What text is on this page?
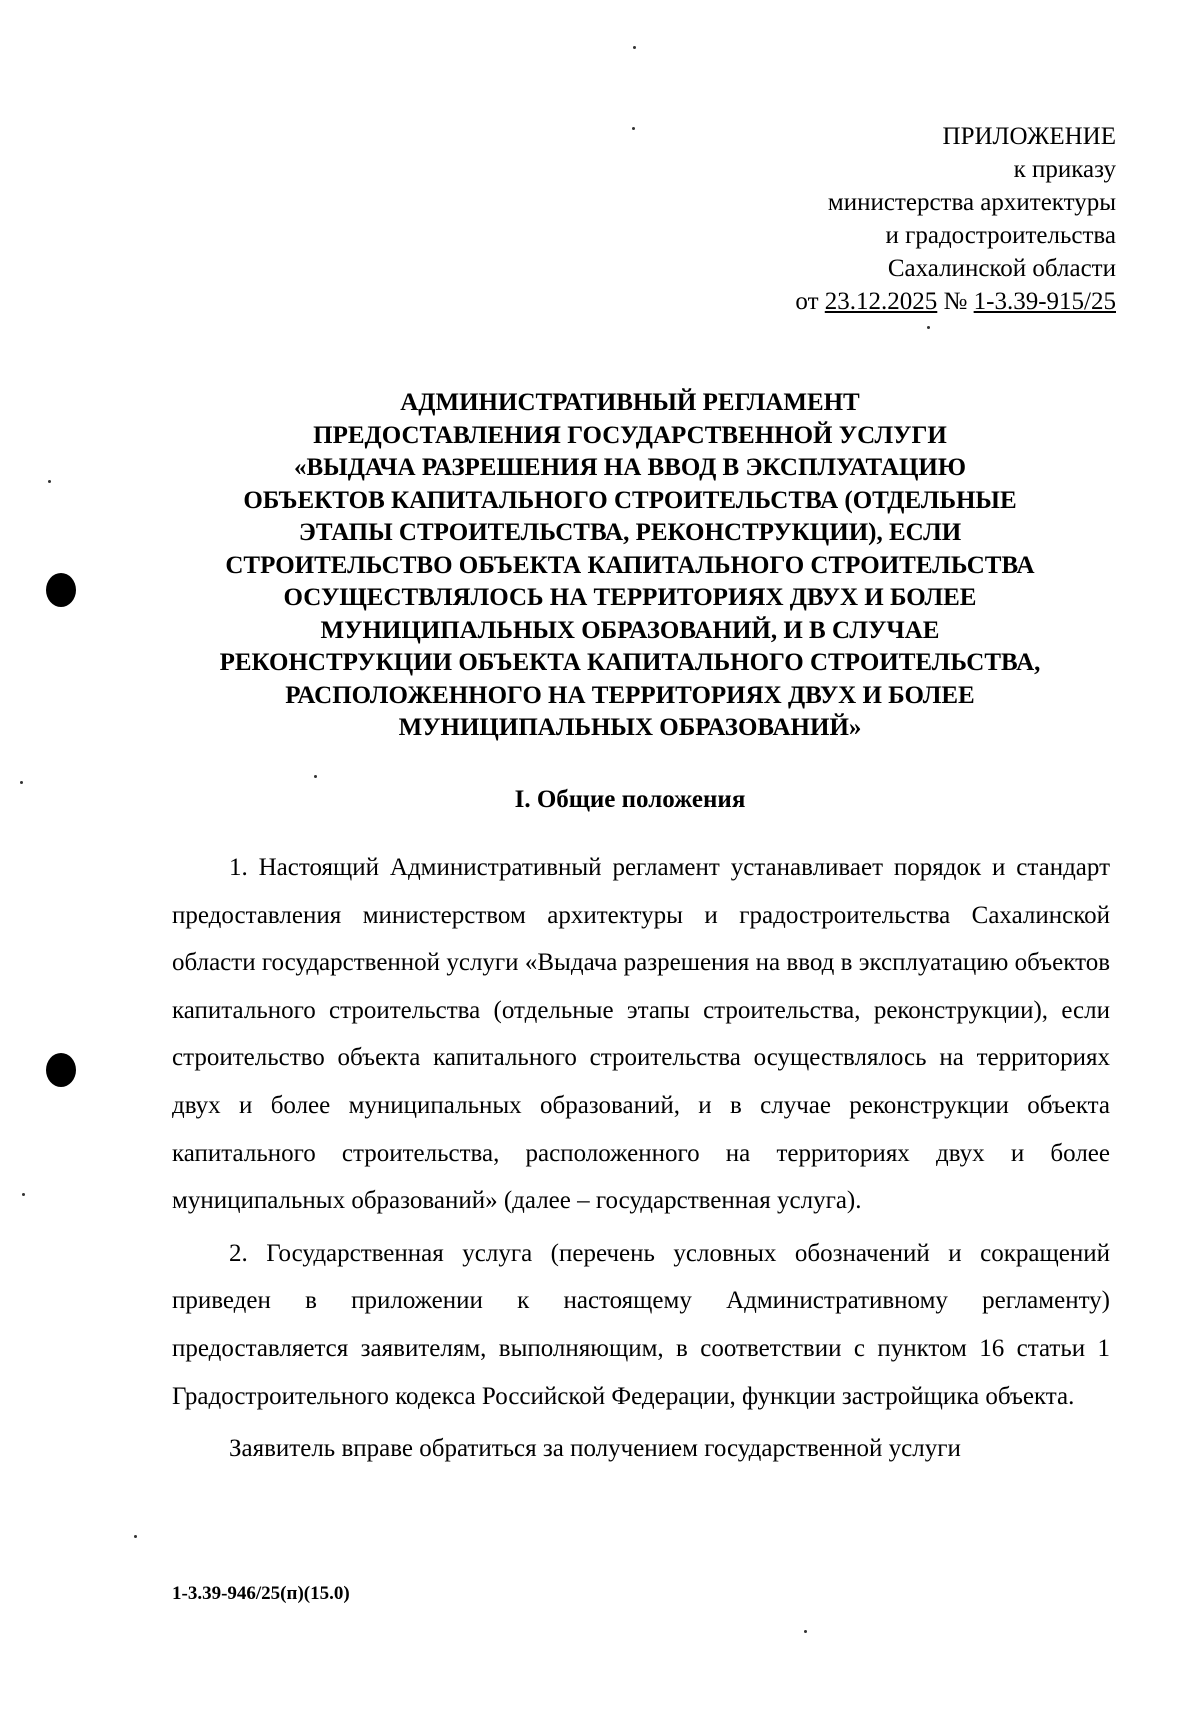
ПРИЛОЖЕНИЕ
к приказу
министерства архитектуры
и градостроительства
Сахалинской области
от 23.12.2025 № 1-3.39-915/25
АДМИНИСТРАТИВНЫЙ РЕГЛАМЕНТ
ПРЕДОСТАВЛЕНИЯ ГОСУДАРСТВЕННОЙ УСЛУГИ
«ВЫДАЧА РАЗРЕШЕНИЯ НА ВВОД В ЭКСПЛУАТАЦИЮ
ОБЪЕКТОВ КАПИТАЛЬНОГО СТРОИТЕЛЬСТВА (ОТДЕЛЬНЫЕ
ЭТАПЫ СТРОИТЕЛЬСТВА, РЕКОНСТРУКЦИИ), ЕСЛИ
СТРОИТЕЛЬСТВО ОБЪЕКТА КАПИТАЛЬНОГО СТРОИТЕЛЬСТВА
ОСУЩЕСТВЛЯЛОСЬ НА ТЕРРИТОРИЯХ ДВУХ И БОЛЕЕ
МУНИЦИПАЛЬНЫХ ОБРАЗОВАНИЙ, И В СЛУЧАЕ
РЕКОНСТРУКЦИИ ОБЪЕКТА КАПИТАЛЬНОГО СТРОИТЕЛЬСТВА,
РАСПОЛОЖЕННОГО НА ТЕРРИТОРИЯХ ДВУХ И БОЛЕЕ
МУНИЦИПАЛЬНЫХ ОБРАЗОВАНИЙ»
I. Общие положения

1. Настоящий Административный регламент устанавливает порядок и стандарт предоставления министерством архитектуры и градостроительства Сахалинской области государственной услуги «Выдача разрешения на ввод в эксплуатацию объектов капитального строительства (отдельные этапы строительства, реконструкции), если строительство объекта капитального строительства осуществлялось на территориях двух и более муниципальных образований, и в случае реконструкции объекта капитального строительства, расположенного на территориях двух и более муниципальных образований» (далее – государственная услуга).

2. Государственная услуга (перечень условных обозначений и сокращений приведен в приложении к настоящему Административному регламенту) предоставляется заявителям, выполняющим, в соответствии с пунктом 16 статьи 1 Градостроительного кодекса Российской Федерации, функции застройщика объекта.

Заявитель вправе обратиться за получением государственной услуги

1-3.39-946/25(п)(15.0)
